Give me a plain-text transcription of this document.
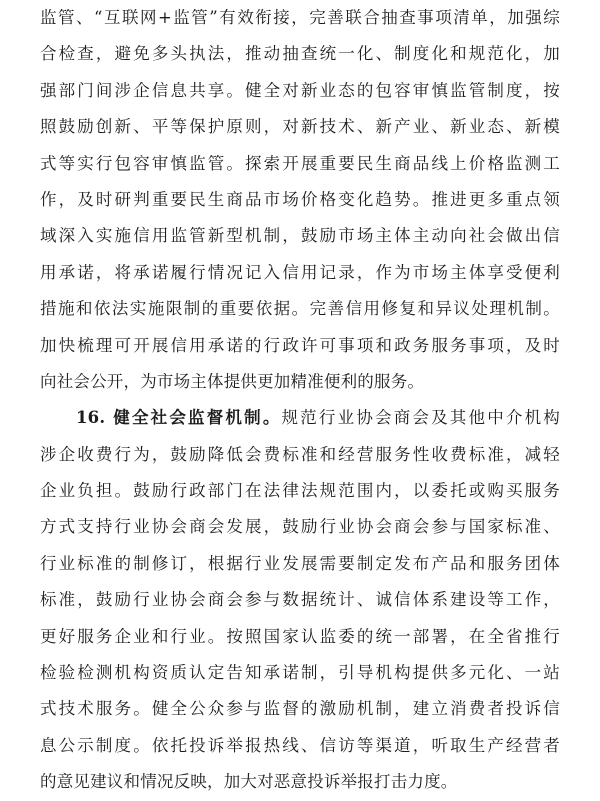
监管、“互联网+监管”有效衔接，完善联合抽查事项清单，加强综
合检查，避免多头执法，推动抽查统一化、制度化和规范化，加
强部门间涉企信息共享。健全对新业态的包容审慎监管制度，按
照鼓励创新、平等保护原则，对新技术、新产业、新业态、新模
式等实行包容审慎监管。探索开展重要民生商品线上价格监测工
作，及时研判重要民生商品市场价格变化趋势。推进更多重点领
域深入实施信用监管新型机制，鼓励市场主体主动向社会做出信
用承诺，将承诺履行情况记入信用记录，作为市场主体享受便利
措施和依法实施限制的重要依据。完善信用修复和异议处理机制。
加快梳理可开展信用承诺的行政许可事项和政务服务事项，及时
向社会公开，为市场主体提供更加精准便利的服务。
16. 健全社会监督机制。规范行业协会商会及其他中介机构
涉企收费行为，鼓励降低会费标准和经营服务性收费标准，减轻
企业负担。鼓励行政部门在法律法规范围内，以委托或购买服务
方式支持行业协会商会发展，鼓励行业协会商会参与国家标准、
行业标准的制修订，根据行业发展需要制定发布产品和服务团体
标准，鼓励行业协会商会参与数据统计、诚信体系建设等工作，
更好服务企业和行业。按照国家认监委的统一部署，在全省推行
检验检测机构资质认定告知承诺制，引导机构提供多元化、一站
式技术服务。健全公众参与监督的激励机制，建立消费者投诉信
息公示制度。依托投诉举报热线、信访等渠道，听取生产经营者
的意见建议和情况反映，加大对恶意投诉举报打击力度。
